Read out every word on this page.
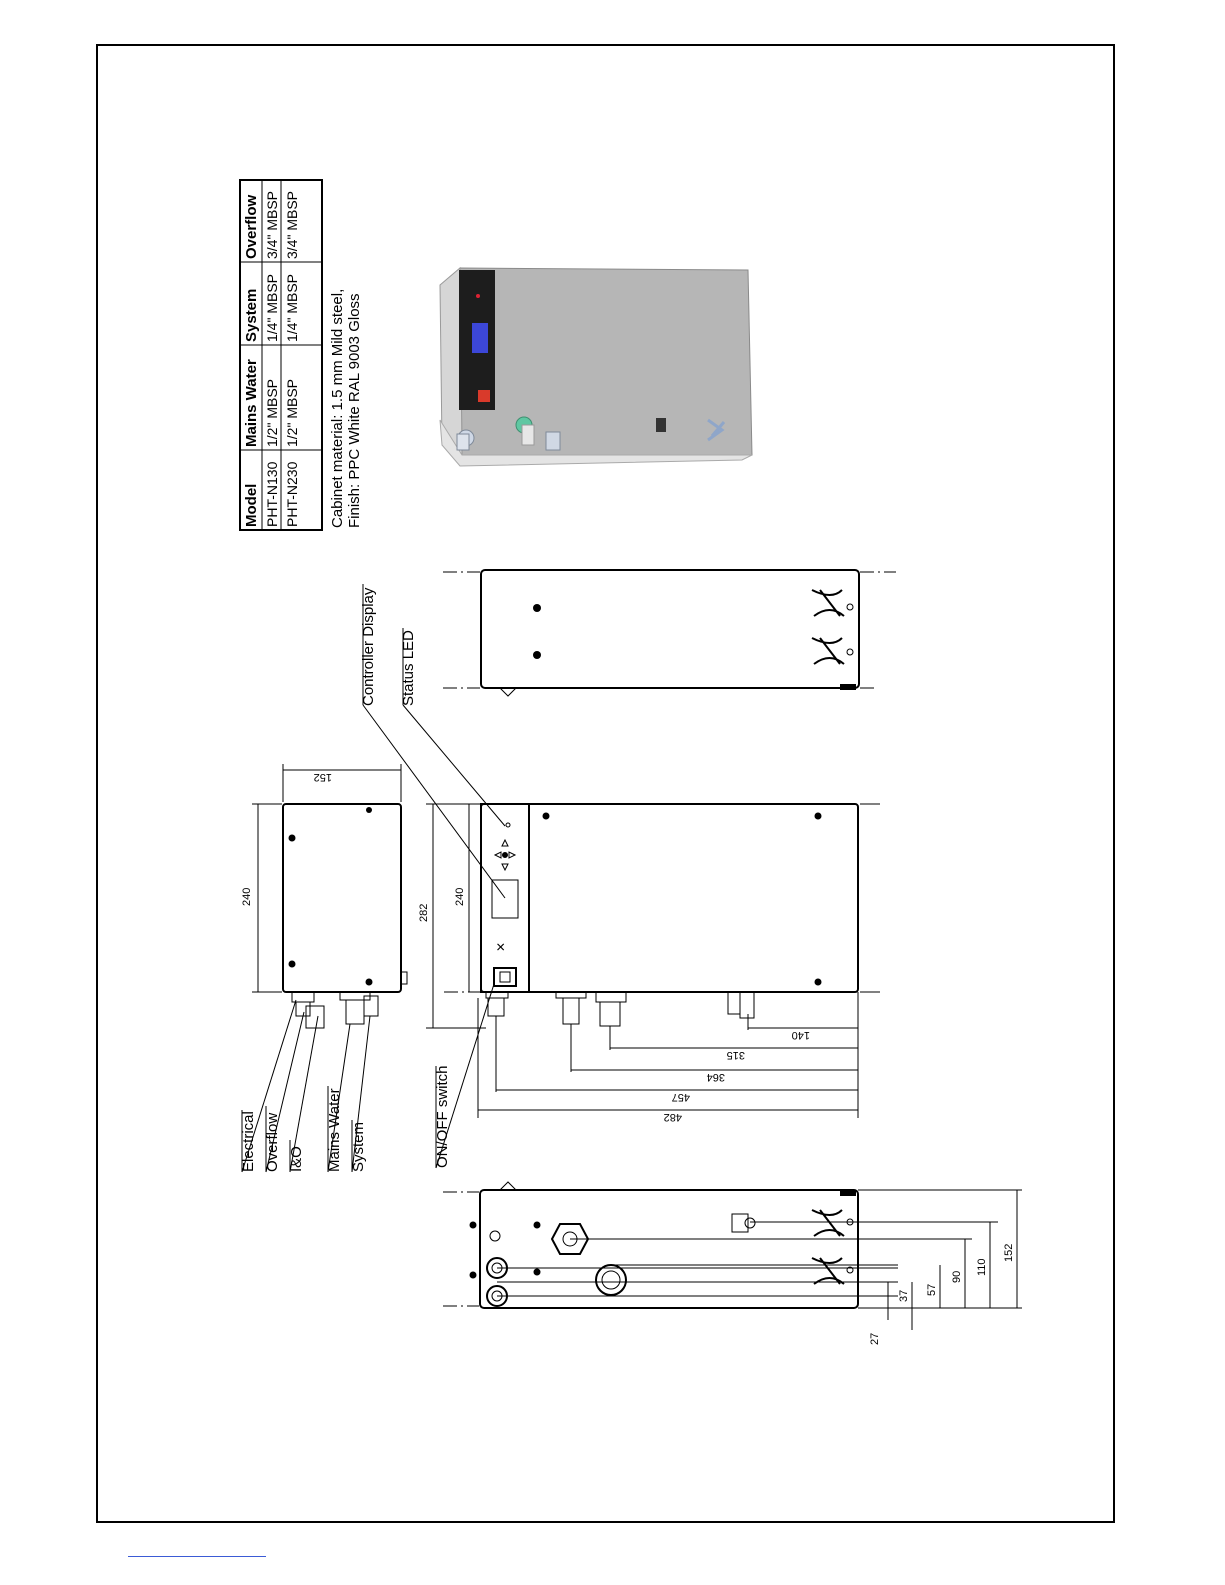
Model
Mains Water
System
Overflow
PHT-N130
1/2" MBSP
1/4" MBSP
3/4" MBSP
PHT-N230
1/2" MBSP
1/4" MBSP
3/4" MBSP
Cabinet material: 1.5 mm Mild steel, Finish: PPC White RAL 9003 Gloss
240
152
✕
282
240
140
315
364
457
482
152
110
90
57
37
27
Controller Display Status LED
Electrical Overflow I&O Mains Water System	ON/OFF switch
